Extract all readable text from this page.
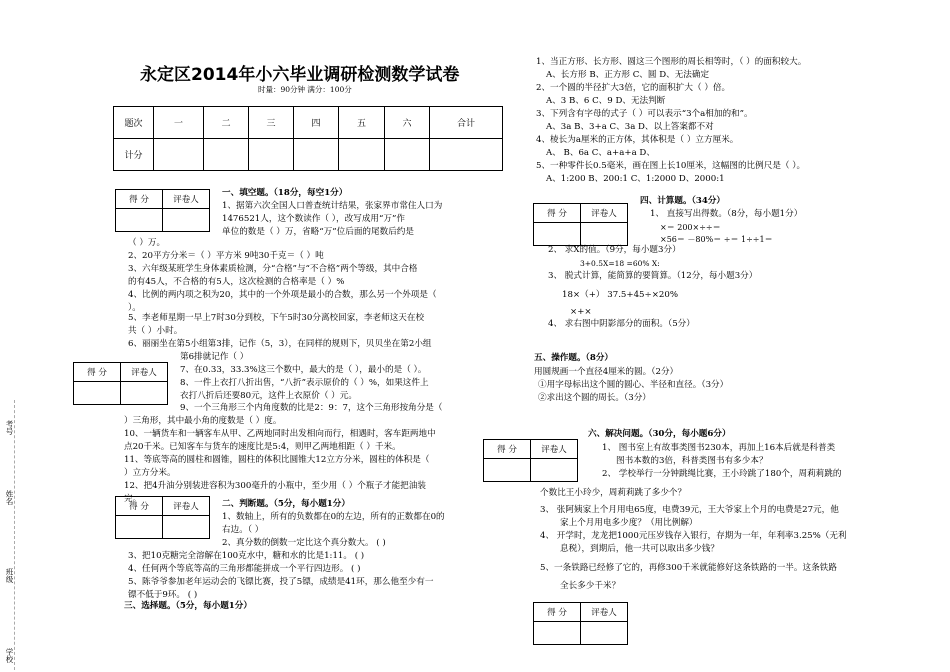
考号
姓名
班级
学校
永定区2014年小六毕业调研检测数学试卷
时量：90分钟 满分：100分
题次	一	二	三	四	五	六	合计
计分							
得 分	评卷人

得 分	评卷人

得 分	评卷人

得 分	评卷人

得 分	评卷人

得 分	评卷人

一、填空题。（18分，每空1分）
1、据第六次全国人口普查统计结果，张家界市常住人口为
1476521人，这个数读作（ ），改写成用“万”作
单位的数是（ ）万，省略“万”位后面的尾数后约是
（ ）万。
2、20平方分米＝（ ）平方米 9吨30千克＝（ ）吨
3、六年级某班学生身体素质检测，分“合格”与“不合格”两个等级，其中合格
的有45人，不合格的有5人，这次检测的合格率是（ ）%
4、比例的两内项之积为20，其中的一个外项是最小的合数，那么另一个外项是（
）。
5、李老师星期一早上7时30分到校，下午5时30分离校回家，李老师这天在校
共（ ）小时。
6、丽丽坐在第5小组第3排，记作（5，3），在同样的规则下，贝贝坐在第2小组
第6排就记作（ ）
7、在0.33，33.3%这三个数中，最大的是（ ），最小的是（ ）。
8、一件上衣打八折出售，“八折”表示原价的（ ）%，如果这件上
衣打八折后还要80元，这件上衣原价（ ）元。
9、一个三角形三个内角度数的比是2：9：7，这个三角形按角分是（
）三角形，其中最小角的度数是（ ）度。
10、一辆货车和一辆客车从甲、乙两地同时出发相向而行，相遇时，客车距两地中
点20千米。已知客车与货车的速度比是5:4，则甲乙两地相距（ ）千米。
11、等底等高的圆柱和圆锥，圆柱的体积比圆锥大12立方分米，圆柱的体积是（
）立方分米。
12、把4升油分别装进容积为300毫升的小瓶中，至少用（ ）个瓶子才能把油装
完。	二、判断题。（5分，每小题1分）
1、数轴上，所有的负数都在0的左边，所有的正数都在0的
右边。（ ）
2、真分数的倒数一定比这个真分数大。 ( )
3、把10克糖完全溶解在100克水中，糖和水的比是1:11。 ( )
4、任何两个等底等高的三角形都能拼成一个平行四边形。 ( )
5、陈爷爷参加老年运动会的飞镖比赛，投了5镖，成绩是41环，那么他至少有一
镖不低于9环。 ( )
三、选择题。（5分，每小题1分）
1、当正方形、长方形、圆这三个图形的周长相等时，（ ）的面积较大。
A、长方形 B、正方形 C、圆 D、无法确定
2、一个圆的半径扩大3倍，它的面积扩大（ ）倍。
A、3 B、6 C、9 D、无法判断
3、下列含有字母的式子（ ）可以表示“3个a相加的和”。
A、3a B、3+a C、3a D、以上答案都不对
4、棱长为a厘米的正方体，其体积是（ ）立方厘米。
A、 B、6a C、a+a+a D、
5、一种零件长0.5毫米，画在图上长10厘米，这幅图的比例尺是（ ）。
A、1:200 B、200:1 C、1:2000 D、2000:1
四、计算题。（34分）
1、 直接写出得数。（8分，每小题1分）
×＝ 200×÷÷＝
×56＝ －80%＝ ÷＝ 1÷÷1＝
2、 求X的值。（9分，每小题3分）
3+0.5X=18 =60% X:
3、 脱式计算，能简算的要简算。（12分，每小题3分）
18×（+） 37.5+45÷×20%
×+×
4、 求右图中阴影部分的面积。（5分）
五、操作题。（8分）
用圆规画一个直径4厘米的圆。（2分）
①用字母标出这个圆的圆心、半径和直径。（3分）
②求出这个圆的周长。（3分）
六、解决问题。（30分，每小题6分）
1、 图书室上有故事类图书230本，再加上16本后就是科普类
图书本数的3倍，科普类图书有多少本？
2、 学校举行一分钟跳绳比赛，王小玲跳了180个，周莉莉跳的
个数比王小玲少，周莉莉跳了多少个？
3、 张阿姨家上个月用电65度，电费39元，王大爷家上个月的电费是27元，他
家上个月用电多少度？（用比例解）
4、 开学时，龙龙把1000元压岁钱存入银行，存期为一年，年利率3.25%（无利
息税），到期后，他一共可以取出多少钱？
5、一条铁路已经修了它的，再修300千米就能修好这条铁路的一半。这条铁路
全长多少千米？
